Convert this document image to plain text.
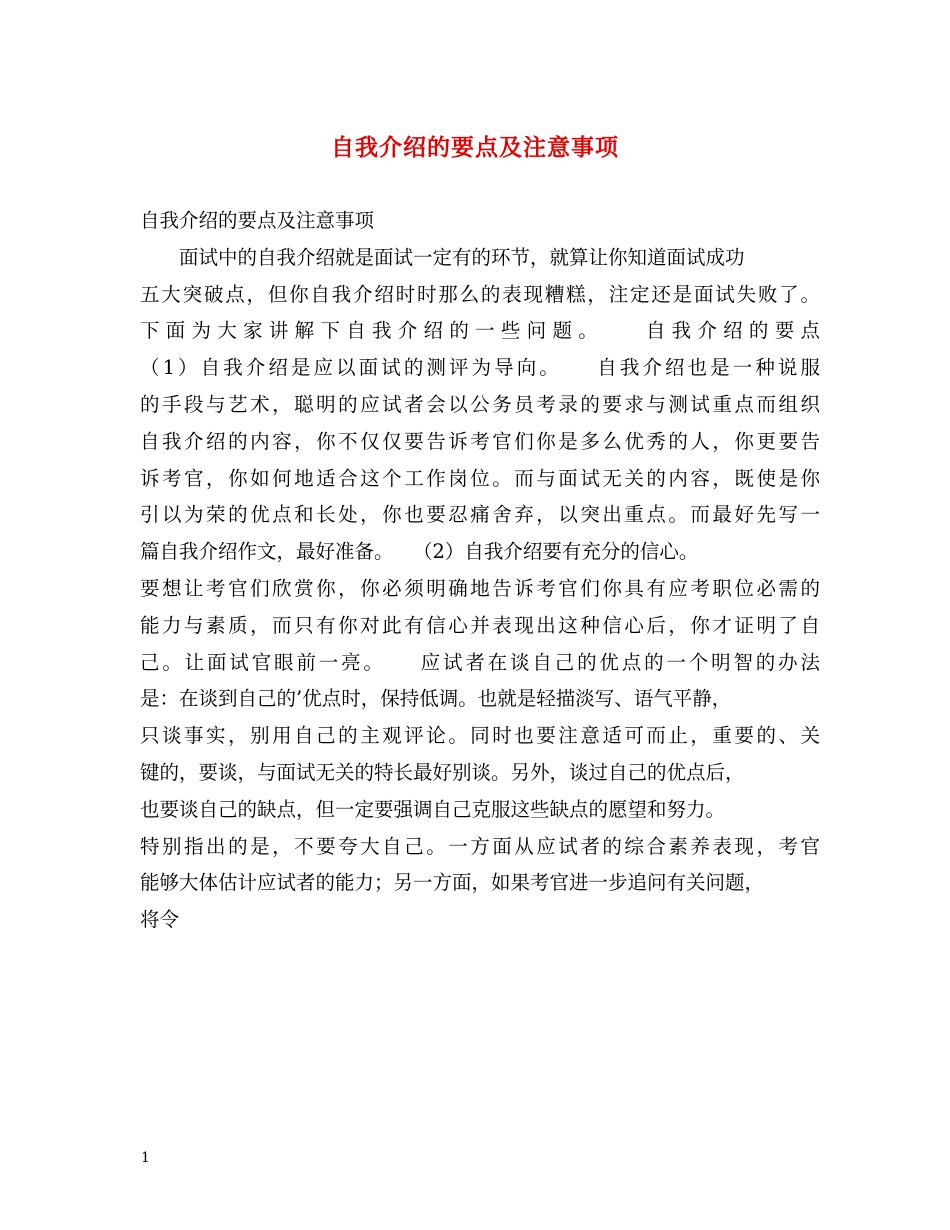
自我介绍的要点及注意事项
自我介绍的要点及注意事项
　　面试中的自我介绍就是面试一定有的环节，就算让你知道面试成功
五大突破点，但你自我介绍时时那么的表现糟糕，注定还是面试失败了。
下面为大家讲解下自我介绍的一些问题。　　自我介绍的要点
（1）自我介绍是应以面试的测评为导向。　　自我介绍也是一种说服
的手段与艺术，聪明的应试者会以公务员考录的要求与测试重点而组织
自我介绍的内容，你不仅仅要告诉考官们你是多么优秀的人，你更要告
诉考官，你如何地适合这个工作岗位。而与面试无关的内容，既使是你
引以为荣的优点和长处，你也要忍痛舍弃，以突出重点。而最好先写一
篇自我介绍作文，最好准备。　　（2）自我介绍要有充分的信心。
要想让考官们欣赏你，你必须明确地告诉考官们你具有应考职位必需的
能力与素质，而只有你对此有信心并表现出这种信心后，你才证明了自
己。让面试官眼前一亮。　　应试者在谈自己的优点的一个明智的办法
是：在谈到自己的’优点时，保持低调。也就是轻描淡写、语气平静，
只谈事实，别用自己的主观评论。同时也要注意适可而止，重要的、关
键的，要谈，与面试无关的特长最好别谈。另外，谈过自己的优点后，
也要谈自己的缺点，但一定要强调自己克服这些缺点的愿望和努力。
特别指出的是，不要夸大自己。一方面从应试者的综合素养表现，考官
能够大体估计应试者的能力；另一方面，如果考官进一步追问有关问题，
将令
1
